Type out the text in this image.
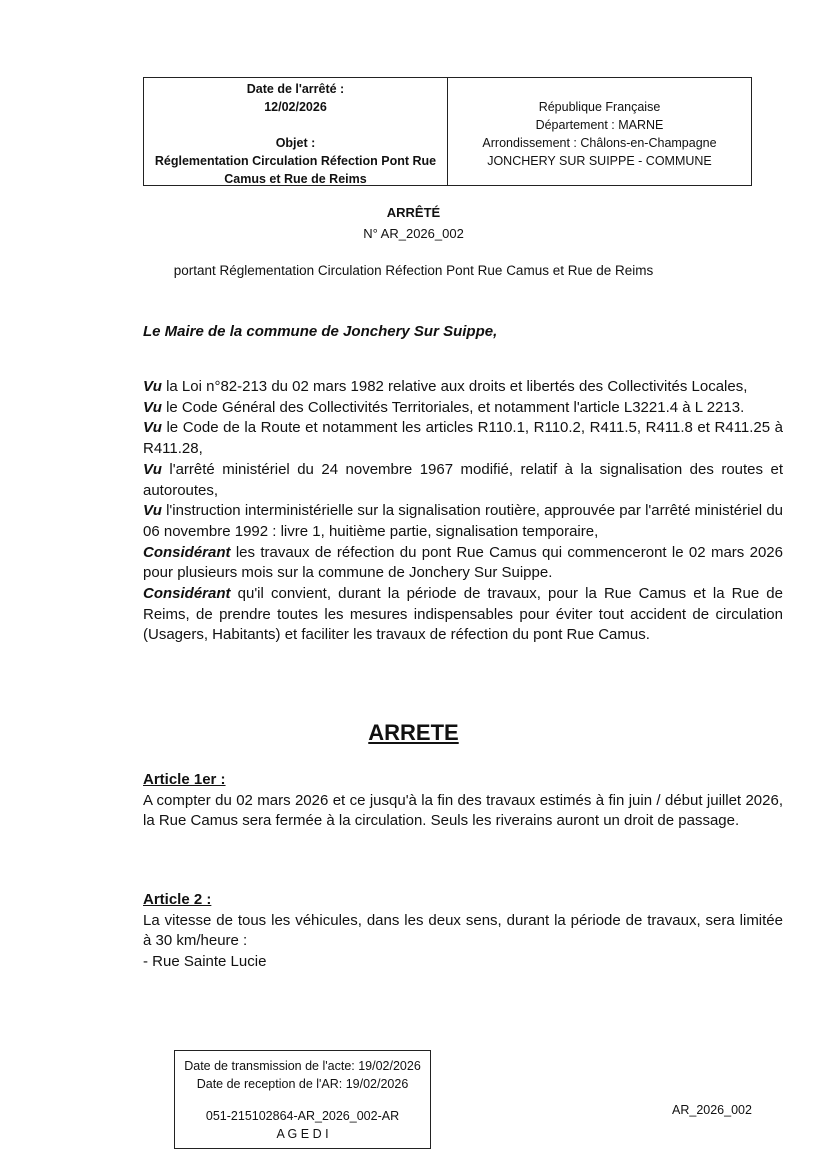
Date de l'arrêté :
12/02/2026
Objet :
Réglementation Circulation Réfection Pont Rue
Camus et Rue de Reims
République Française
Département : MARNE
Arrondissement : Châlons-en-Champagne
JONCHERY SUR SUIPPE - COMMUNE
ARRÊTÉ
N° AR_2026_002
portant Réglementation Circulation Réfection Pont Rue Camus et Rue de Reims
Le Maire de la commune de Jonchery Sur Suippe,

Vu la Loi n°82-213 du 02 mars 1982 relative aux droits et libertés des Collectivités Locales,

Vu le Code Général des Collectivités Territoriales, et notamment l'article L3221.4 à L 2213.

Vu le Code de la Route et notamment les articles R110.1, R110.2, R411.5, R411.8 et R411.25 à R411.28,

Vu l'arrêté ministériel du 24 novembre 1967 modifié, relatif à la signalisation des routes et autoroutes,

Vu l'instruction interministérielle sur la signalisation routière, approuvée par l'arrêté ministériel du 06 novembre 1992 : livre 1, huitième partie, signalisation temporaire,

Considérant les travaux de réfection du pont Rue Camus qui commenceront le 02 mars 2026 pour plusieurs mois sur la commune de Jonchery Sur Suippe.

Considérant qu'il convient, durant la période de travaux, pour la Rue Camus et la Rue de Reims, de prendre toutes les mesures indispensables pour éviter tout accident de circulation (Usagers, Habitants) et faciliter les travaux de réfection du pont Rue Camus.

ARRETE

Article 1er :

A compter du 02 mars 2026 et ce jusqu'à la fin des travaux estimés à fin juin / début juillet 2026, la Rue Camus sera fermée à la circulation. Seuls les riverains auront un droit de passage.

Article 2 :

La vitesse de tous les véhicules, dans les deux sens, durant la période de travaux, sera limitée à 30 km/heure :

- Rue Sainte Lucie

Date de transmission de l'acte: 19/02/2026
Date de reception de l'AR: 19/02/2026
051-215102864-AR_2026_002-AR
A G E D I
AR_2026_002
